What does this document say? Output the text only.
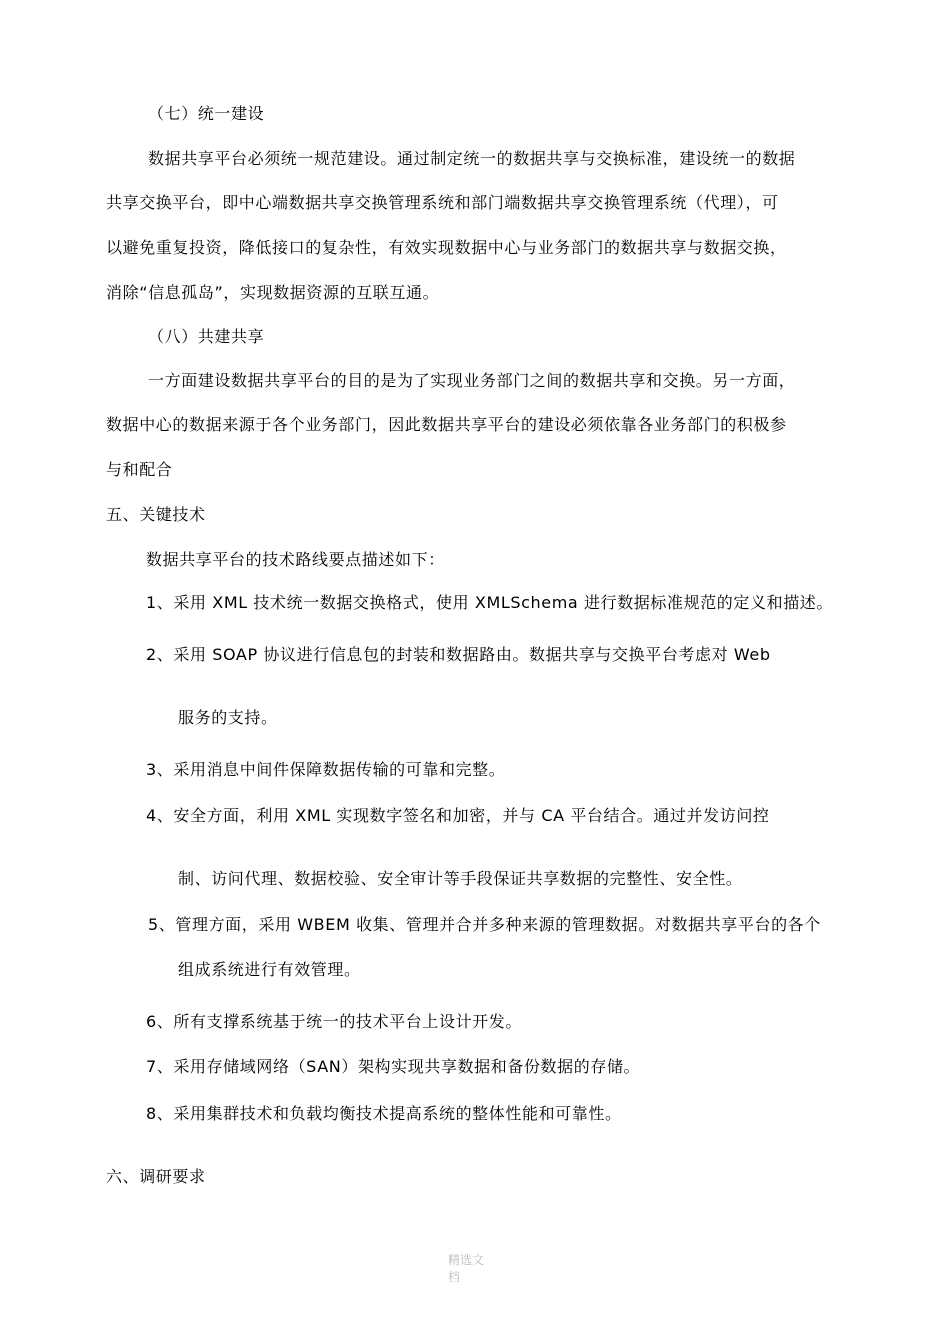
（七）统一建设
数据共享平台必须统一规范建设。通过制定统一的数据共享与交换标准，建设统一的数据
共享交换平台，即中心端数据共享交换管理系统和部门端数据共享交换管理系统（代理），可
以避免重复投资，降低接口的复杂性，有效实现数据中心与业务部门的数据共享与数据交换，
消除“信息孤岛”，实现数据资源的互联互通。
（八）共建共享
一方面建设数据共享平台的目的是为了实现业务部门之间的数据共享和交换。另一方面，
数据中心的数据来源于各个业务部门，因此数据共享平台的建设必须依靠各业务部门的积极参
与和配合
五、关键技术
数据共享平台的技术路线要点描述如下：
1、采用 XML 技术统一数据交换格式，使用 XMLSchema 进行数据标准规范的定义和描述。
2、采用 SOAP 协议进行信息包的封装和数据路由。数据共享与交换平台考虑对 Web
服务的支持。
3、采用消息中间件保障数据传输的可靠和完整。
4、安全方面，利用 XML 实现数字签名和加密，并与 CA 平台结合。通过并发访问控
制、访问代理、数据校验、安全审计等手段保证共享数据的完整性、安全性。
5、管理方面，采用 WBEM 收集、管理并合并多种来源的管理数据。对数据共享平台的各个
组成系统进行有效管理。
6、所有支撑系统基于统一的技术平台上设计开发。
7、采用存储域网络（SAN）架构实现共享数据和备份数据的存储。
8、采用集群技术和负载均衡技术提高系统的整体性能和可靠性。
六、调研要求
精选文
档
